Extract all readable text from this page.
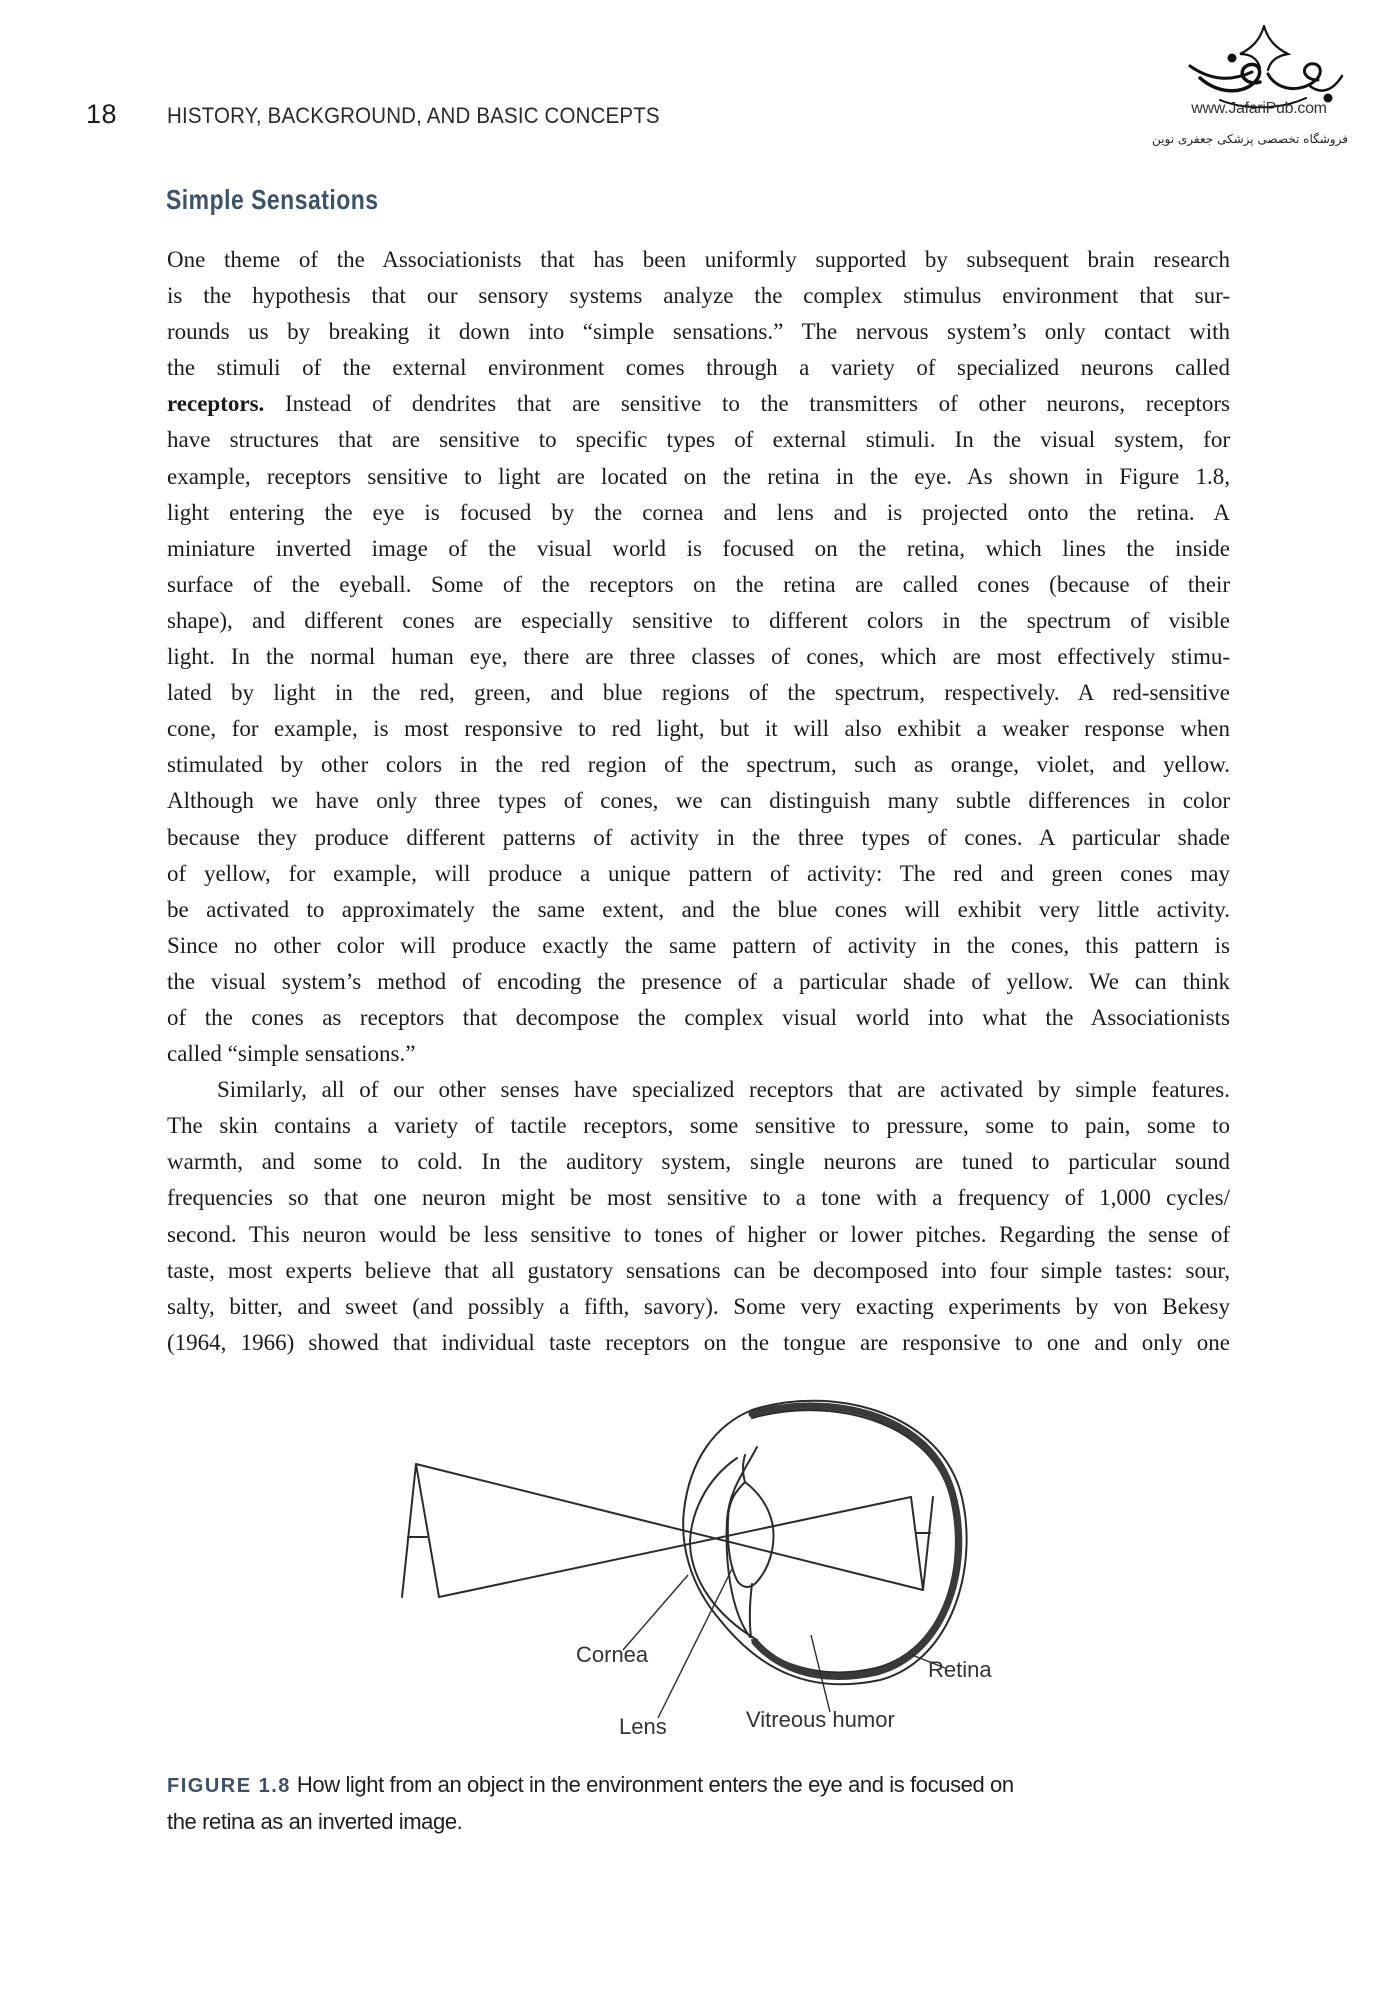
18 HISTORY, BACKGROUND, AND BASIC CONCEPTS	www.JafariPub.com
فروشگاه تخصصی پزشکی جعفری نوین
Simple Sensations
One theme of the Associationists that has been uniformly supported by subsequent brain research
is the hypothesis that our sensory systems analyze the complex stimulus environment that sur-
rounds us by breaking it down into “simple sensations.” The nervous system’s only contact with
the stimuli of the external environment comes through a variety of specialized neurons called
receptors. Instead of dendrites that are sensitive to the transmitters of other neurons, receptors
have structures that are sensitive to specific types of external stimuli. In the visual system, for
example, receptors sensitive to light are located on the retina in the eye. As shown in Figure 1.8,
light entering the eye is focused by the cornea and lens and is projected onto the retina. A
miniature inverted image of the visual world is focused on the retina, which lines the inside
surface of the eyeball. Some of the receptors on the retina are called cones (because of their
shape), and different cones are especially sensitive to different colors in the spectrum of visible
light. In the normal human eye, there are three classes of cones, which are most effectively stimu-
lated by light in the red, green, and blue regions of the spectrum, respectively. A red-sensitive
cone, for example, is most responsive to red light, but it will also exhibit a weaker response when
stimulated by other colors in the red region of the spectrum, such as orange, violet, and yellow.
Although we have only three types of cones, we can distinguish many subtle differences in color
because they produce different patterns of activity in the three types of cones. A particular shade
of yellow, for example, will produce a unique pattern of activity: The red and green cones may
be activated to approximately the same extent, and the blue cones will exhibit very little activity.
Since no other color will produce exactly the same pattern of activity in the cones, this pattern is
the visual system’s method of encoding the presence of a particular shade of yellow. We can think
of the cones as receptors that decompose the complex visual world into what the Associationists
called “simple sensations.”
Similarly, all of our other senses have specialized receptors that are activated by simple features.
The skin contains a variety of tactile receptors, some sensitive to pressure, some to pain, some to
warmth, and some to cold. In the auditory system, single neurons are tuned to particular sound
frequencies so that one neuron might be most sensitive to a tone with a frequency of 1,000 cycles/
second. This neuron would be less sensitive to tones of higher or lower pitches. Regarding the sense of
taste, most experts believe that all gustatory sensations can be decomposed into four simple tastes: sour,
salty, bitter, and sweet (and possibly a fifth, savory). Some very exacting experiments by von Bekesy
(1964, 1966) showed that individual taste receptors on the tongue are responsive to one and only one
Cornea
Lens	Vitreous humor
Retina
FIGURE 1.8 How light from an object in the environment enters the eye and is focused on
the retina as an inverted image.
